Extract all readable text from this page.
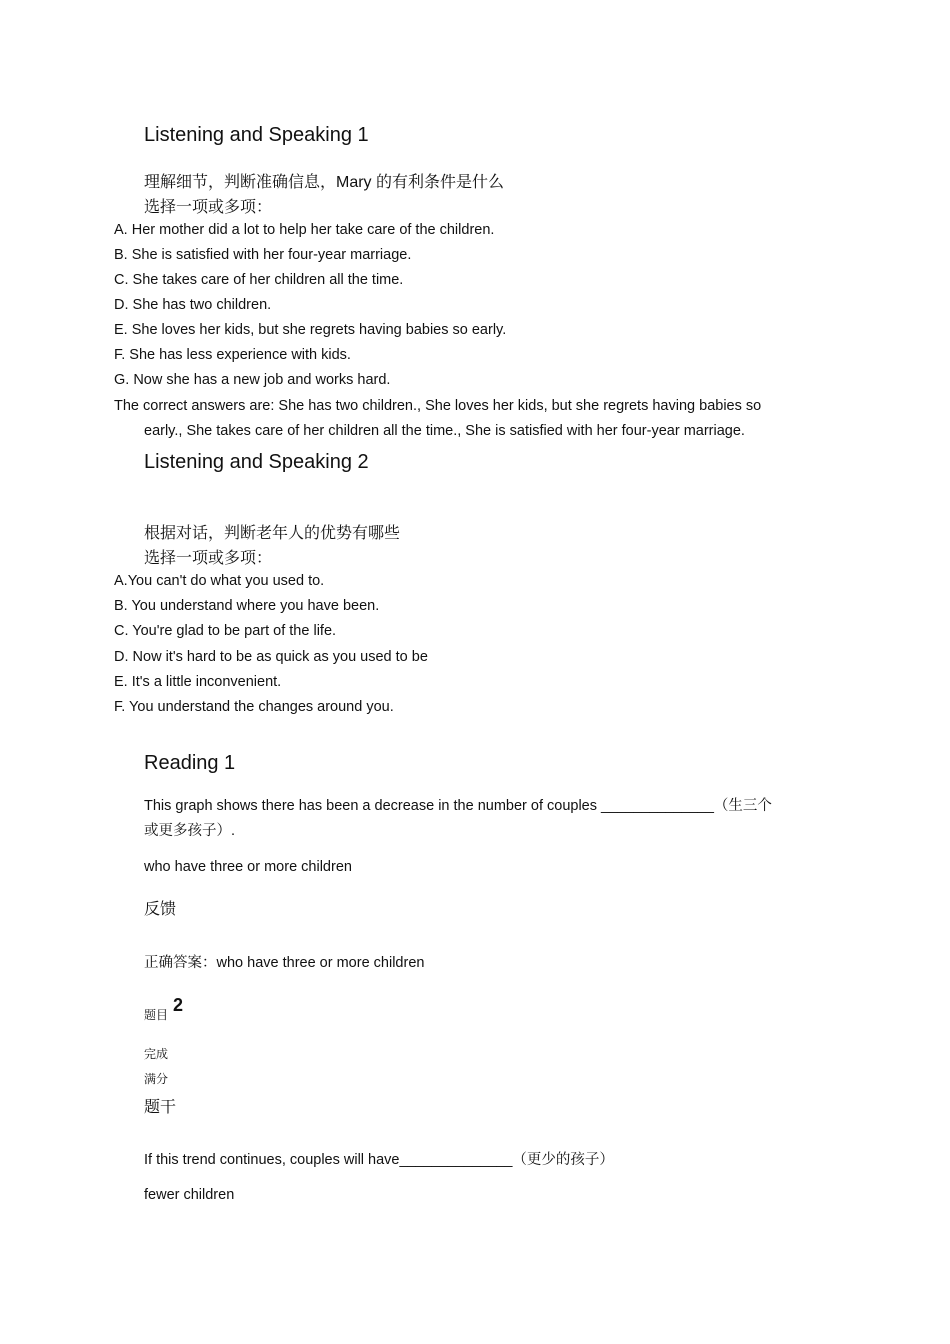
Listening and Speaking 1
理解细节，判断准确信息，Mary 的有利条件是什么
选择一项或多项：
A. Her mother did a lot to help her take care of the children.
B. She is satisfied with her four-year marriage.
C. She takes care of her children all the time.
D. She has two children.
E. She loves her kids, but she regrets having babies so early.
F. She has less experience with kids.
G. Now she has a new job and works hard.
The correct answers are: She has two children., She loves her kids, but she regrets having babies so
early., She takes care of her children all the time., She is satisfied with her four-year marriage.
Listening and Speaking 2
根据对话，判断老年人的优势有哪些
选择一项或多项：
A.You can't do what you used to.
B. You understand where you have been.
C. You're glad to be part of the life.
D. Now it's hard to be as quick as you used to be
E. It's a little inconvenient.
F. You understand the changes around you.
Reading 1
This graph shows there has been a decrease in the number of couples ______________（生三个
或更多孩子）.
who have three or more children
反馈
正确答案：who have three or more children
题目 2
完成
满分
题干
If this trend continues, couples will have______________（更少的孩子）
fewer children
